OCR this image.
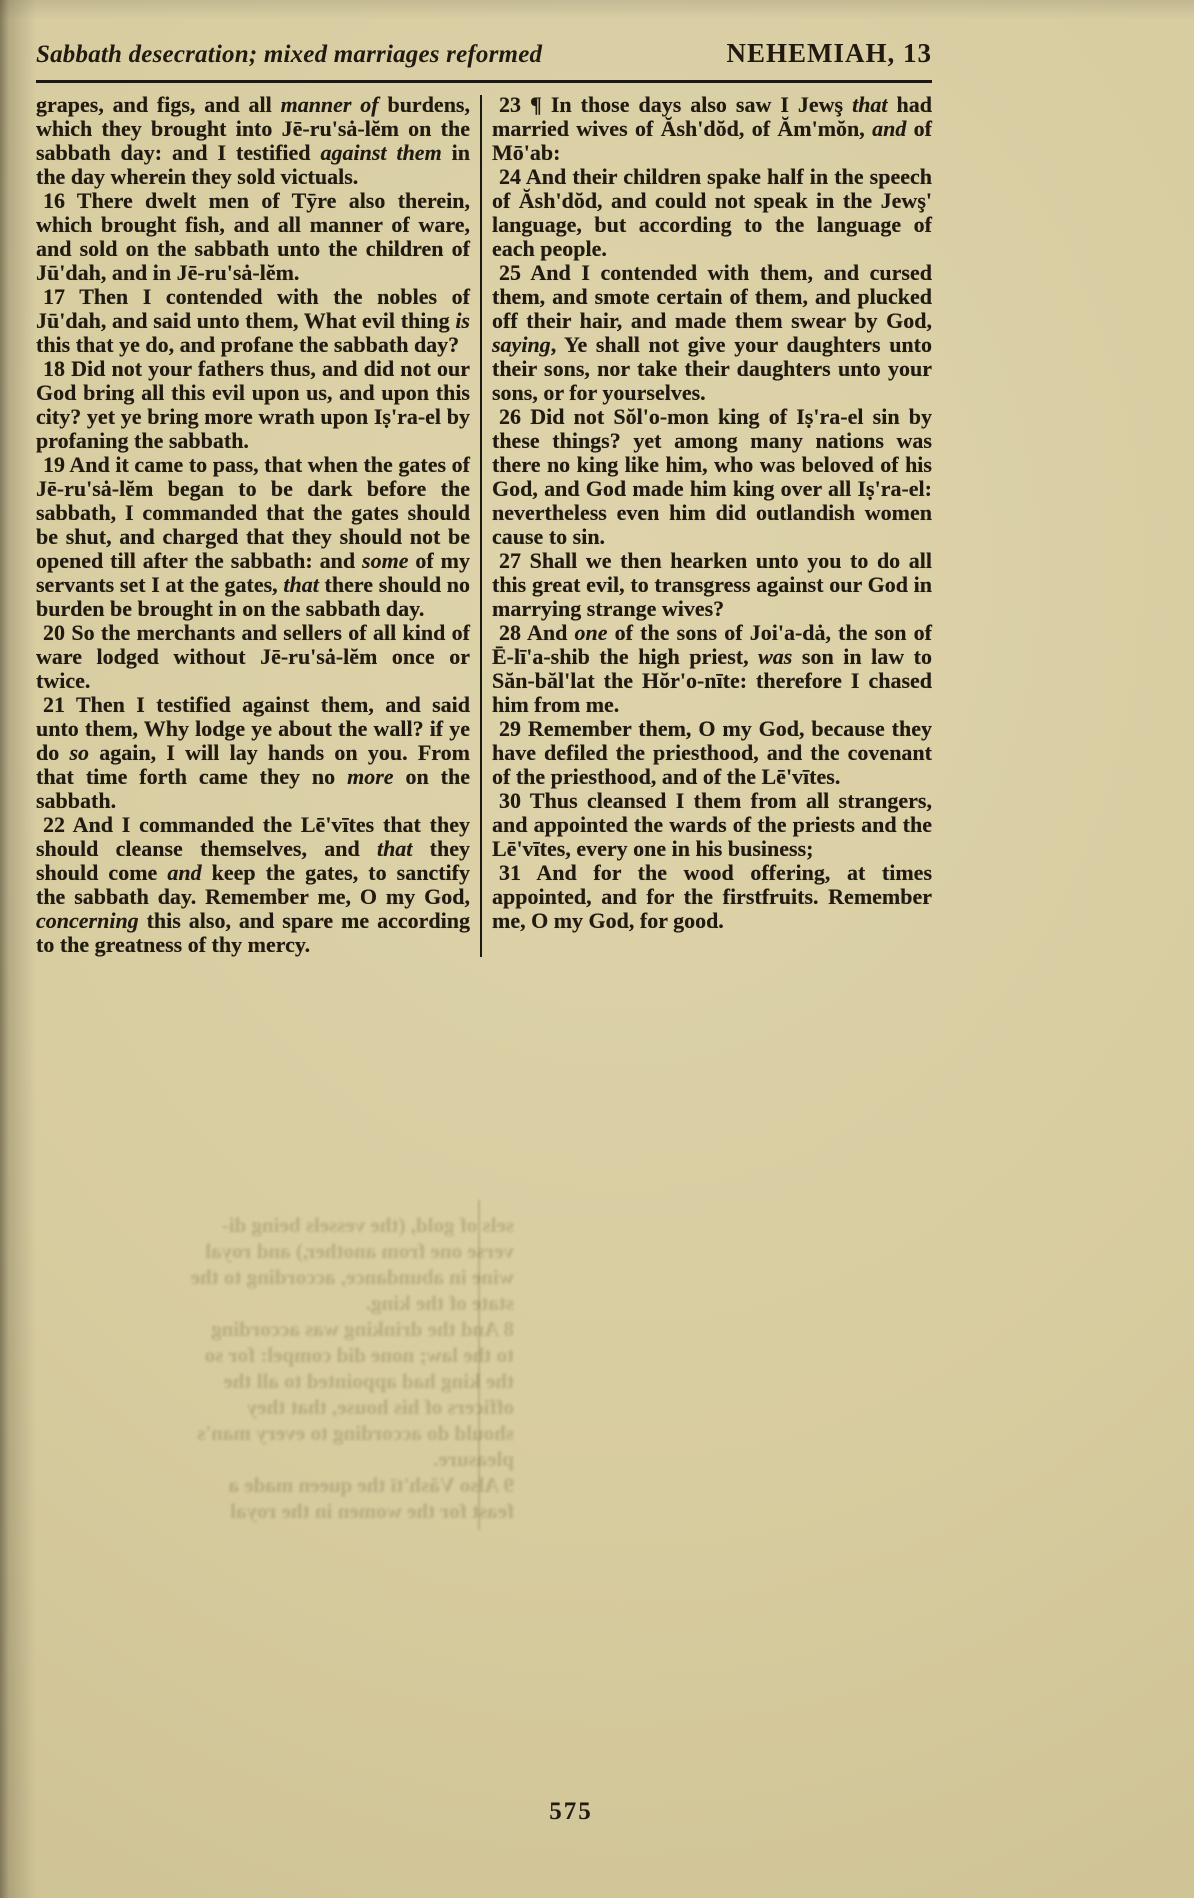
Sabbath desecration; mixed marriages reformed	NEHEMIAH, 13

grapes, and figs, and all manner of burdens, which they brought into Jē-ru'sȧ-lĕm on the sabbath day: and I testified against them in the day wherein they sold victuals.

16 There dwelt men of Tȳre also therein, which brought fish, and all manner of ware, and sold on the sabbath unto the children of Jū'dah, and in Jē-ru'sȧ-lĕm.

17 Then I contended with the nobles of Jū'dah, and said unto them, What evil thing is this that ye do, and profane the sabbath day?

18 Did not your fathers thus, and did not our God bring all this evil upon us, and upon this city? yet ye bring more wrath upon Iṣ'ra-el by profaning the sabbath.

19 And it came to pass, that when the gates of Jē-ru'sȧ-lĕm began to be dark before the sabbath, I commanded that the gates should be shut, and charged that they should not be opened till after the sabbath: and some of my servants set I at the gates, that there should no burden be brought in on the sabbath day.

20 So the merchants and sellers of all kind of ware lodged without Jē-ru'sȧ-lĕm once or twice.

21 Then I testified against them, and said unto them, Why lodge ye about the wall? if ye do so again, I will lay hands on you. From that time forth came they no more on the sabbath.

22 And I commanded the Lē'vītes that they should cleanse themselves, and that they should come and keep the gates, to sanctify the sabbath day. Remember me, O my God, concerning this also, and spare me according to the greatness of thy mercy.

23 ¶ In those days also saw I Jewş that had married wives of Ăsh'dŏd, of Ăm'mŏn, and of Mō'ab:

24 And their children spake half in the speech of Ăsh'dŏd, and could not speak in the Jewş' language, but according to the language of each people.

25 And I contended with them, and cursed them, and smote certain of them, and plucked off their hair, and made them swear by God, saying, Ye shall not give your daughters unto their sons, nor take their daughters unto your sons, or for yourselves.

26 Did not Sŏl'o-mon king of Iṣ'ra-el sin by these things? yet among many nations was there no king like him, who was beloved of his God, and God made him king over all Iṣ'ra-el: nevertheless even him did outlandish women cause to sin.

27 Shall we then hearken unto you to do all this great evil, to transgress against our God in marrying strange wives?

28 And one of the sons of Joi'a-dȧ, the son of Ē-lī'a-shib the high priest, was son in law to Săn-băl'lat the Hŏr'o-nīte: therefore I chased him from me.

29 Remember them, O my God, because they have defiled the priesthood, and the covenant of the priesthood, and of the Lē'vītes.

30 Thus cleansed I them from all strangers, and appointed the wards of the priests and the Lē'vītes, every one in his business;

31 And for the wood offering, at times appointed, and for the firstfruits. Remember me, O my God, for good.

sels of gold, (the vessels being di-
verse one from another,) and royal
wine in abundance, according to the
state of the king.
8 And the drinking was according
to the law; none did compel: for so
the king had appointed to all the
officers of his house, that they
should do according to every man's
pleasure.
9 Also Văsh'tī the queen made a
feast for the women in the royal
575
